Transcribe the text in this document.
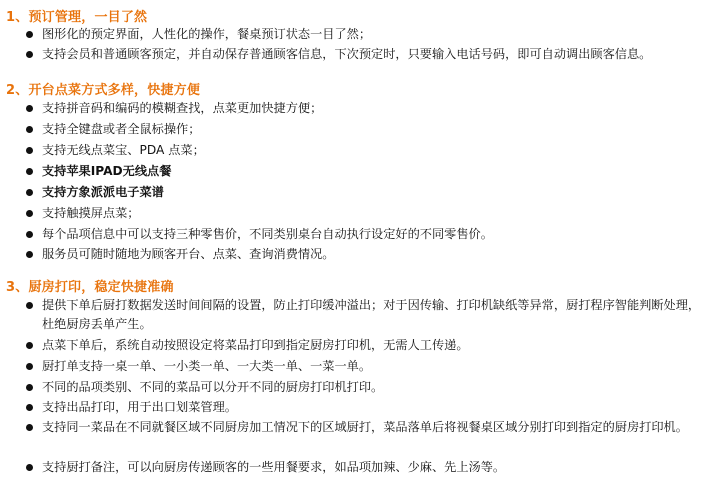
1、预订管理，一目了然
图形化的预定界面，人性化的操作，餐桌预订状态一目了然；
支持会员和普通顾客预定，并自动保存普通顾客信息，下次预定时，只要输入电话号码，即可自动调出顾客信息。
2、开台点菜方式多样，快捷方便
支持拼音码和编码的模糊查找，点菜更加快捷方便；
支持全键盘或者全鼠标操作；
支持无线点菜宝、PDA 点菜；
支持苹果IPAD无线点餐
支持方象派派电子菜谱
支持触摸屏点菜；
每个品项信息中可以支持三种零售价，不同类别桌台自动执行设定好的不同零售价。
服务员可随时随地为顾客开台、点菜、查询消费情况。
3、厨房打印，稳定快捷准确
提供下单后厨打数据发送时间间隔的设置，防止打印缓冲溢出；对于因传输、打印机缺纸等异常，厨打程序智能判断处理，杜绝厨房丢单产生。
点菜下单后，系统自动按照设定将菜品打印到指定厨房打印机，无需人工传递。
厨打单支持一桌一单、一小类一单、一大类一单、一菜一单。
不同的品项类别、不同的菜品可以分开不同的厨房打印机打印。
支持出品打印，用于出口划菜管理。
支持同一菜品在不同就餐区域不同厨房加工情况下的区域厨打，菜品落单后将视餐桌区域分别打印到指定的厨房打印机。
支持厨打备注，可以向厨房传递顾客的一些用餐要求，如品项加辣、少麻、先上汤等。
